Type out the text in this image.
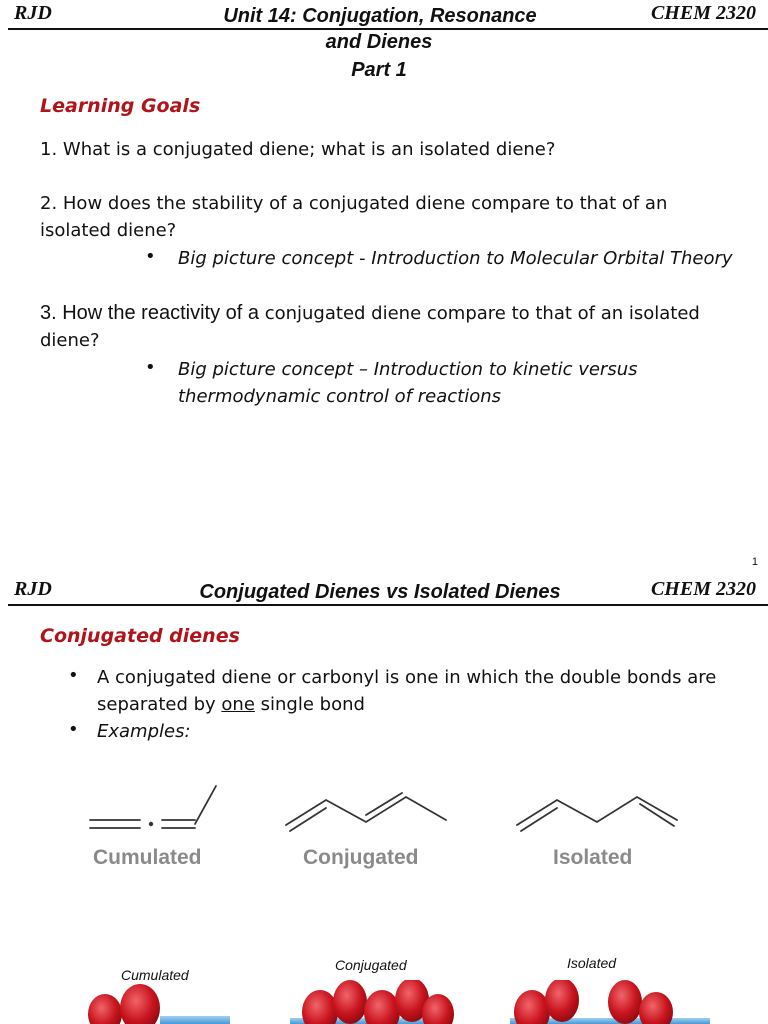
RJD	Unit 14: Conjugation, Resonance	CHEM 2320
and Dienes
Part 1
Learning Goals
1. What is a conjugated diene; what is an isolated diene?
2. How does the stability of a conjugated diene compare to that of an
isolated diene?
• Big picture concept - Introduction to Molecular Orbital Theory
3. How the reactivity of a conjugated diene compare to that of an isolated
diene?
• Big picture concept – Introduction to kinetic versus
thermodynamic control of reactions
1
RJD	Conjugated Dienes vs Isolated Dienes	CHEM 2320
Conjugated dienes
• A conjugated diene or carbonyl is one in which the double bonds are
separated by one single bond
• Examples:
Cumulated	Conjugated	Isolated
Cumulated
Conjugated	Isolated
